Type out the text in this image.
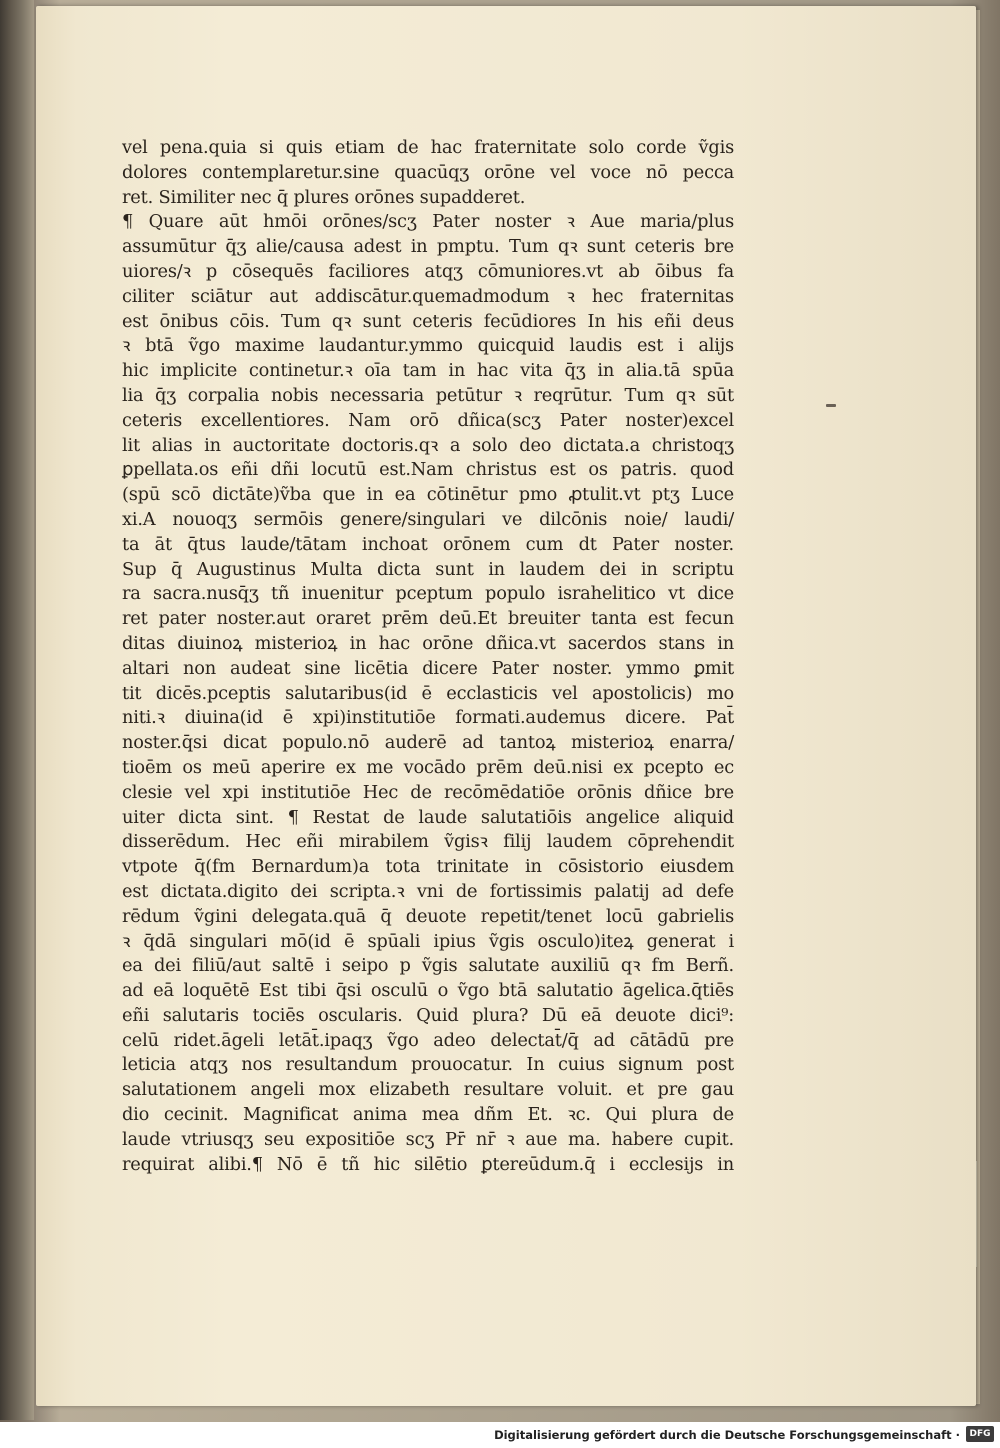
vel pena.quia si quis etiam de hac fraternitate solo corde ṽgis
dolores contemplaretur.sine quacūqʒ orōne vel voce nō pecca
ret. Similiter nec q̄ plures orōnes supadderet.
¶ Quare aūt hmōi orōnes/scʒ Pater noster ꝛ Aue maria/plus
assumūtur q̄ʒ alie/causa adest in pmptu. Tum qꝛ sunt ceteris bre
uiores/ꝛ p cōsequēs faciliores atqʒ cōmuniores.vt ab ōibus fa
ciliter sciātur aut addiscātur.quemadmodum ꝛ hec fraternitas
est ōnibus cōis. Tum qꝛ sunt ceteris fecūdiores In his eñi deus
ꝛ btā ṽgo maxime laudantur.ymmo quicquid laudis est i alijs
hic implicite continetur.ꝛ oīa tam in hac vita q̄ʒ in alia.tā spūa
lia q̄ʒ corpalia nobis necessaria petūtur ꝛ reqrūtur. Tum qꝛ sūt
ceteris excellentiores. Nam orō dñica(scʒ Pater noster)excel
lit alias in auctoritate doctoris.qꝛ a solo deo dictata.a christoqʒ
ꝑpellata.os eñi dñi locutū est.Nam christus est os patris. quod
(spū scō dictāte)ṽba que in ea cōtinētur pmo ꝓtulit.vt ptʒ Luce
xi.A nouoqʒ sermōis genere/singulari ve dilcōnis noie/ laudi/
ta āt q̄tus laude/tātam inchoat orōnem cum dt Pater noster.
Sup q̄ Augustinus Multa dicta sunt in laudem dei in scriptu
ra sacra.nusq̄ʒ tñ inuenitur pceptum populo israhelitico vt dice
ret pater noster.aut oraret prēm deū.Et breuiter tanta est fecun
ditas diuinoꝝ misterioꝝ in hac orōne dñica.vt sacerdos stans in
altari non audeat sine licētia dicere Pater noster. ymmo ꝑmit
tit dicēs.pceptis salutaribus(id ē ecclasticis vel apostolicis) mo
niti.ꝛ diuina(id ē xpi)institutiōe formati.audemus dicere. Pat̄
noster.q̄si dicat populo.nō auderē ad tantoꝝ misterioꝝ enarra/
tioēm os meū aperire ex me vocādo prēm deū.nisi ex pcepto ec
clesie vel xpi institutiōe Hec de recōmēdatiōe orōnis dñice bre
uiter dicta sint. ¶ Restat de laude salutatiōis angelice aliquid
disserēdum. Hec eñi mirabilem ṽgisꝛ filij laudem cōprehendit
vtpote q̄(fm Bernardum)a tota trinitate in cōsistorio eiusdem
est dictata.digito dei scripta.ꝛ vni de fortissimis palatij ad defe
rēdum ṽgini delegata.quā q̄ deuote repetit/tenet locū gabrielis
ꝛ q̄dā singulari mō(id ē spūali ipius ṽgis osculo)iteꝝ generat i
ea dei filiū/aut saltē i seipo p ṽgis salutate auxiliū qꝛ fm Berñ.
ad eā loquētē Est tibi q̄si osculū o ṽgo btā salutatio āgelica.q̄tiēs
eñi salutaris tociēs oscularis. Quid plura? Dū eā deuote dici⁹:
celū ridet.āgeli letāt̄.ipaqʒ ṽgo adeo delectat̄/q̄ ad cātādū pre
leticia atqʒ nos resultandum prouocatur. In cuius signum post
salutationem angeli mox elizabeth resultare voluit. et pre gau
dio cecinit. Magnificat anima mea dñm Et. ꝛc. Qui plura de
laude vtriusqʒ seu expositiōe scʒ Pr̄ nr̄ ꝛ aue ma. habere cupit.
requirat alibi.¶ Nō ē tñ hic silētio ꝑtereūdum.q̄ i ecclesijs in
Digitalisierung gefördert durch die Deutsche Forschungsgemeinschaft ·	DFG
